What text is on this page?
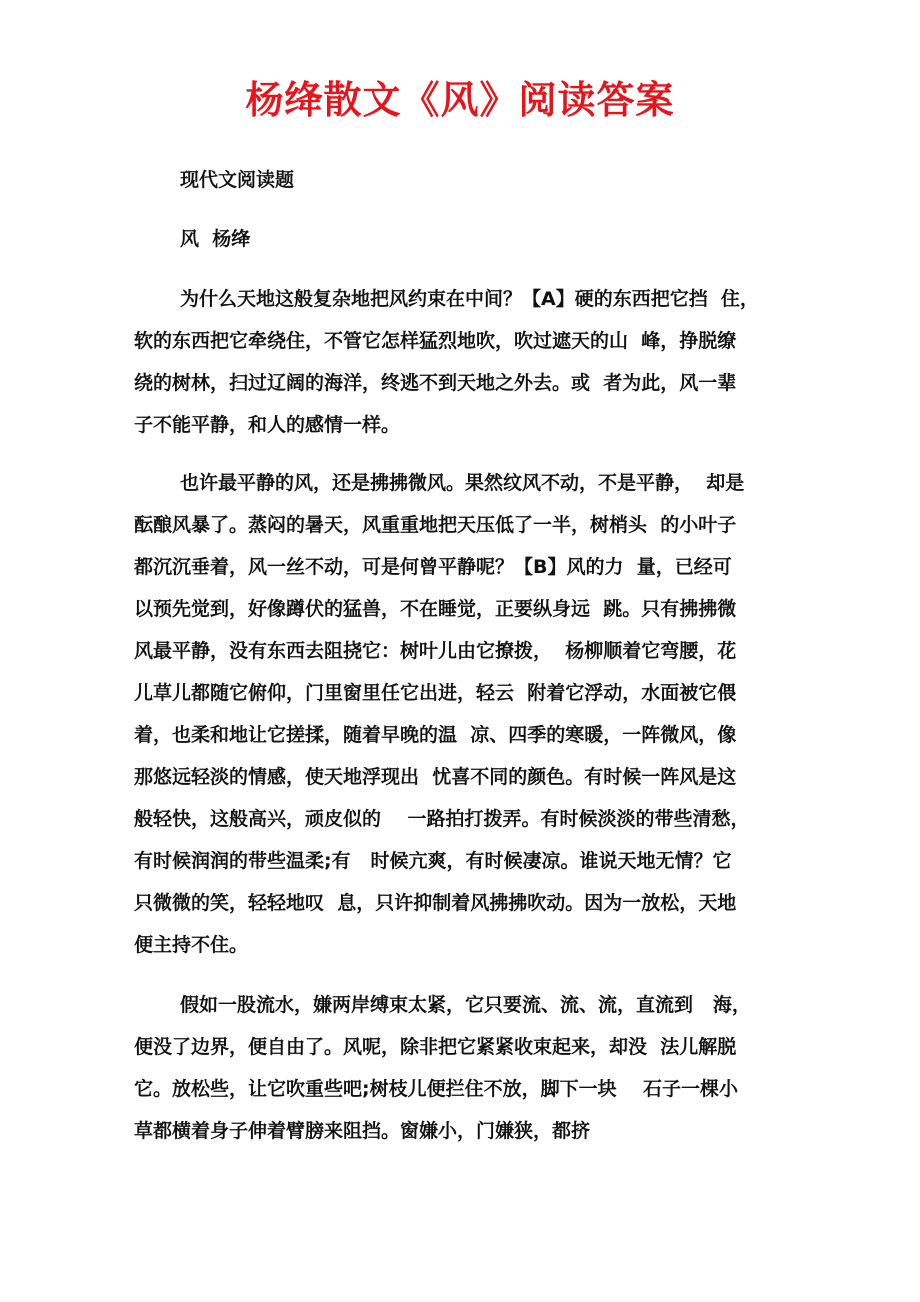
杨绛散文《风》阅读答案

现代文阅读题

风  杨绛

为什么天地这般复杂地把风约束在中间？【A】硬的东西把它挡  住，
软的东西把它牵绕住，不管它怎样猛烈地吹，吹过遮天的山  峰，挣脱缭
绕的树林，扫过辽阔的海洋，终逃不到天地之外去。或  者为此，风一辈
子不能平静，和人的感情一样。
也许最平静的风，还是拂拂微风。果然纹风不动，不是平静，  却是
酝酿风暴了。蒸闷的暑天，风重重地把天压低了一半，树梢头  的小叶子
都沉沉垂着，风一丝不动，可是何曾平静呢？【B】风的力  量，已经可
以预先觉到，好像蹲伏的猛兽，不在睡觉，正要纵身远  跳。只有拂拂微
风最平静，没有东西去阻挠它：树叶儿由它撩拨，  杨柳顺着它弯腰，花
儿草儿都随它俯仰，门里窗里任它出进，轻云  附着它浮动，水面被它偎
着，也柔和地让它搓揉，随着早晚的温  凉、四季的寒暖，一阵微风，像
那悠远轻淡的情感，使天地浮现出  忧喜不同的颜色。有时候一阵风是这
般轻快，这般高兴，顽皮似的    一路拍打拨弄。有时候淡淡的带些清愁，
有时候润润的带些温柔;有   时候亢爽，有时候凄凉。谁说天地无情？它
只微微的笑，轻轻地叹  息，只许抑制着风拂拂吹动。因为一放松，天地
便主持不住。
假如一股流水，嫌两岸缚束太紧，它只要流、流、流，直流到   海，
便没了边界，便自由了。风呢，除非把它紧紧收束起来，却没  法儿解脱
它。放松些，让它吹重些吧;树枝儿便拦住不放，脚下一块    石子一棵小
草都横着身子伸着臂膀来阻挡。窗嫌小，门嫌狭，都挤
